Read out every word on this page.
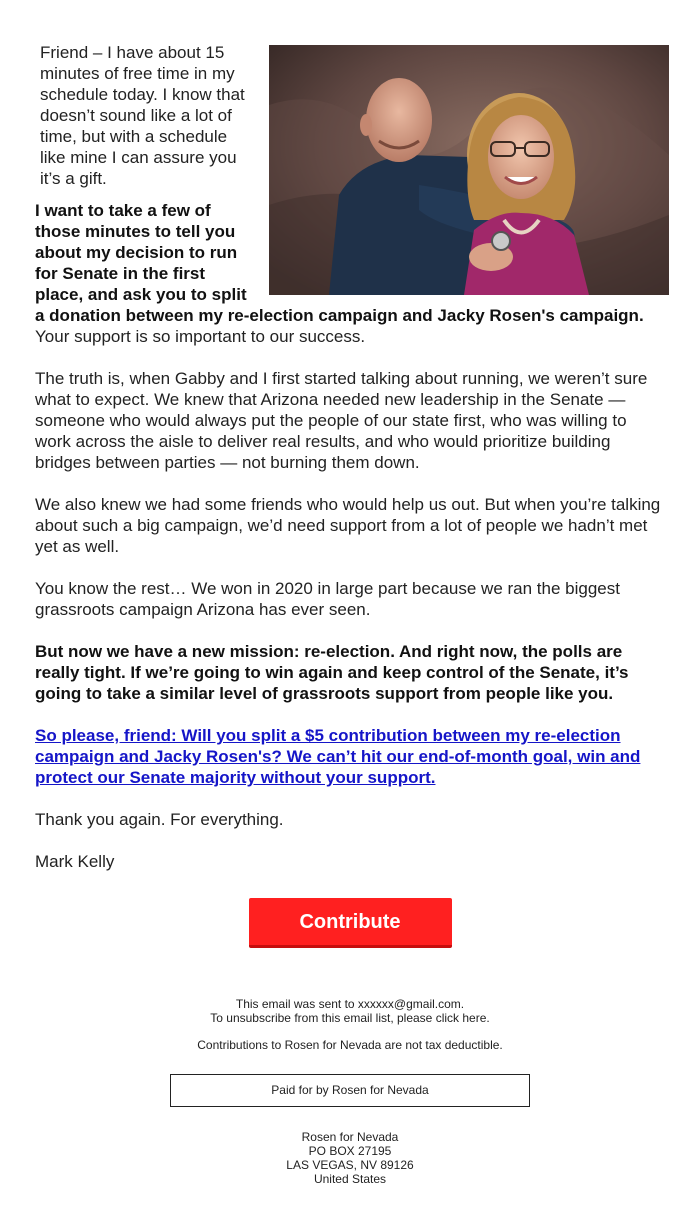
Friend – I have about 15 minutes of free time in my schedule today. I know that doesn’t sound like a lot of time, but with a schedule like mine I can assure you it’s a gift.

I want to take a few of those minutes to tell you about my decision to run for Senate in the first place, and ask you to split a donation between my re-election campaign and Jacky Rosen's campaign. Your support is so important to our success.

The truth is, when Gabby and I first started talking about running, we weren’t sure what to expect. We knew that Arizona needed new leadership in the Senate — someone who would always put the people of our state first, who was willing to work across the aisle to deliver real results, and who would prioritize building bridges between parties — not burning them down.

We also knew we had some friends who would help us out. But when you’re talking about such a big campaign, we’d need support from a lot of people we hadn’t met yet as well.

You know the rest… We won in 2020 in large part because we ran the biggest grassroots campaign Arizona has ever seen.

But now we have a new mission: re-election. And right now, the polls are really tight. If we’re going to win again and keep control of the Senate, it’s going to take a similar level of grassroots support from people like you.

So please, friend: Will you split a $5 contribution between my re-election campaign and Jacky Rosen's? We can’t hit our end-of-month goal, win and protect our Senate majority without your support.

Thank you again. For everything.

Mark Kelly

Contribute
This email was sent to xxxxxx@gmail.com.
To unsubscribe from this email list, please click here.
Contributions to Rosen for Nevada are not tax deductible.
Paid for by Rosen for Nevada
Rosen for Nevada
PO BOX 27195
LAS VEGAS, NV 89126
United States
